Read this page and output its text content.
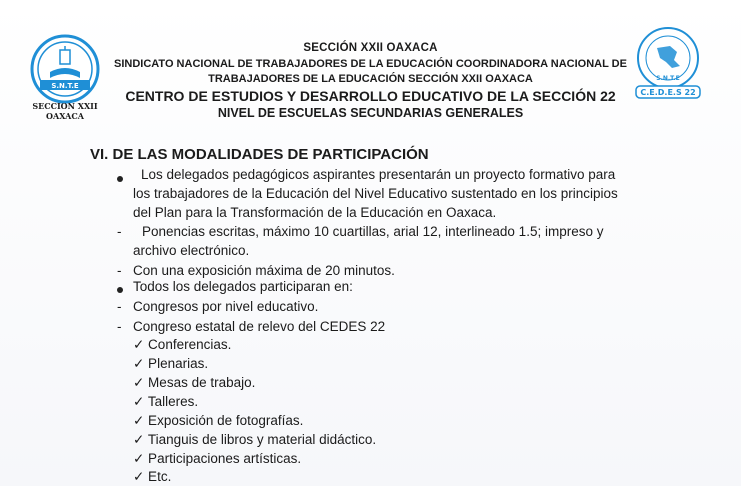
S.N.T.E
SECCION XXII
OAXACA
S.N.T.E
C.E.D.E.S 22
SECCIÓN XXII OAXACA
SINDICATO NACIONAL DE TRABAJADORES DE LA EDUCACIÓN COORDINADORA NACIONAL DE
TRABAJADORES DE LA EDUCACIÓN SECCIÓN XXII OAXACA
CENTRO DE ESTUDIOS Y DESARROLLO EDUCATIVO DE LA SECCIÓN 22
NIVEL DE ESCUELAS SECUNDARIAS GENERALES
VI. DE LAS MODALIDADES DE PARTICIPACIÓN
Los delegados pedagógicos aspirantes presentarán un proyecto formativo para
los trabajadores de la Educación del Nivel Educativo sustentado en los principios
del Plan para la Transformación de la Educación en Oaxaca.
- Ponencias escritas, máximo 10 cuartillas, arial 12, interlineado 1.5; impreso y
archivo electrónico.
- Con una exposición máxima de 20 minutos.
Todos los delegados participaran en:
- Congresos por nivel educativo.
- Congreso estatal de relevo del CEDES 22
✓ Conferencias.
✓ Plenarias.
✓ Mesas de trabajo.
✓ Talleres.
✓ Exposición de fotografías.
✓ Tianguis de libros y material didáctico.
✓ Participaciones artísticas.
✓ Etc.
